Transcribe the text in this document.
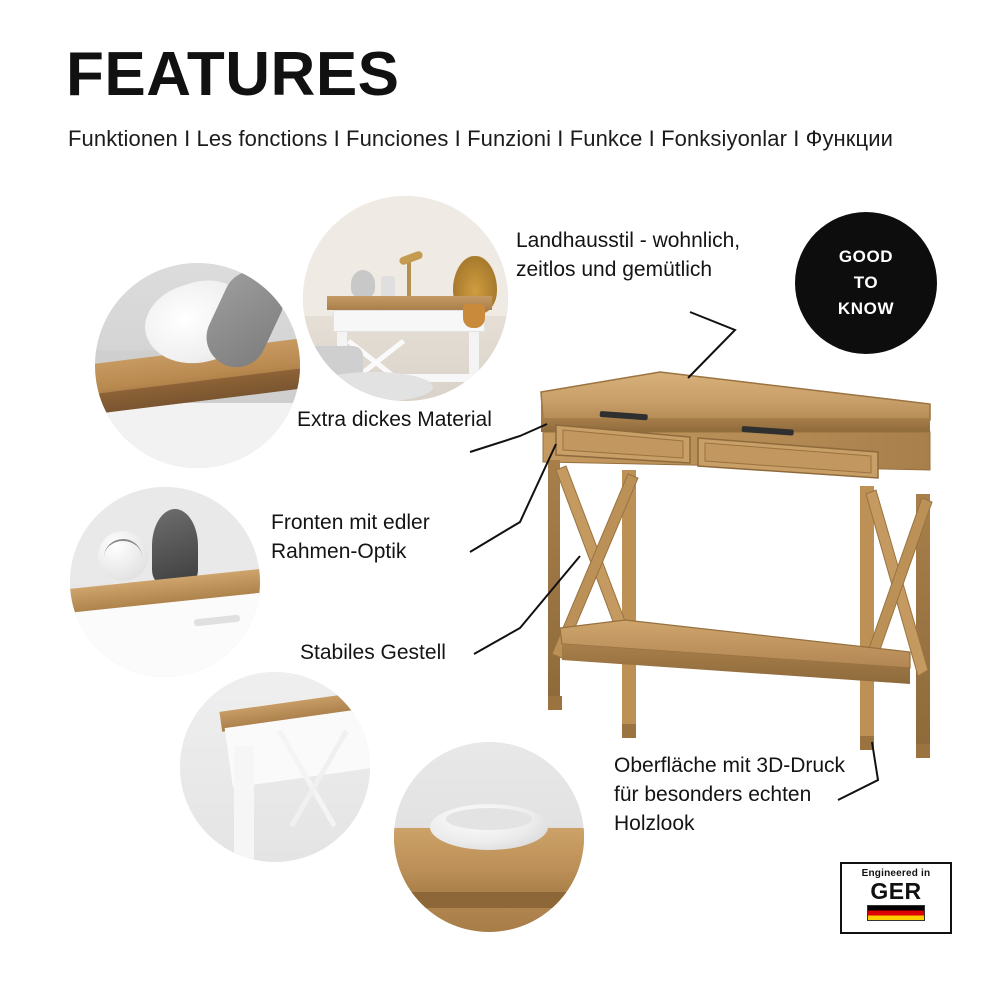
FEATURES
Funktionen I Les fonctions I Funciones I Funzioni I Funkce I Fonksiyonlar I Функции
GOOD
TO
KNOW
Landhausstil - wohnlich, zeitlos und gemütlich
Extra dickes Material
Fronten mit edler Rahmen-Optik
Stabiles Gestell
Oberfläche mit 3D-Druck für besonders echten Holzlook
Engineered in
GER
